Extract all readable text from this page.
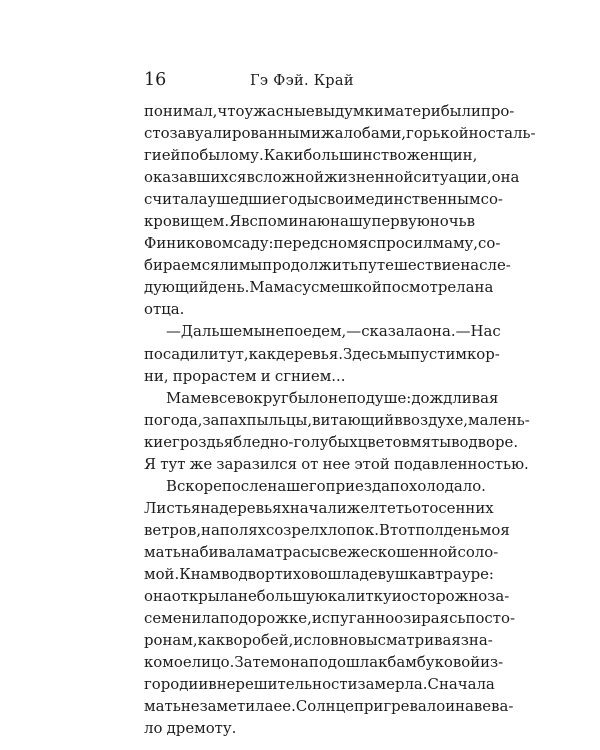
16	Гэ Фэй. Край
понимал, что ужасные выдумки матери были про-
сто завуалированными жалобами, горькой носталь-
гией по былому. Как и большинство женщин,
оказавшихся в сложной жизненной ситуации, она
считала ушедшие годы своим единственным со-
кровищем. Я вспоминаю нашу первую ночь в
Финиковом саду: перед сном я спросил маму, со-
бираемся ли мы продолжить путешествие на сле-
дующий день. Мама с усмешкой посмотрела на
отца.
— Дальше мы не поедем, — сказала она. — Нас
посадили тут, как деревья. Здесь мы пустим кор-
ни, прорастем и сгнием...
Маме все вокруг было не по душе: дождливая
погода, запах пыльцы, витающий в воздухе, малень-
кие гроздья бледно-голубых цветов мяты во дворе.
Я тут же заразился от нее этой подавленностью.
Вскоре после нашего приезда похолодало.
Листья на деревьях начали желтеть от осенних
ветров, на полях созрел хлопок. В тот полдень моя
мать набивала матрасы свежескошенной соло-
мой. К нам во двор тихо вошла девушка в трауре:
она открыла небольшую калитку и осторожно за-
семенила по дорожке, испуганно озираясь по сто-
ронам, как воробей, и словно высматривая зна-
комое лицо. Затем она подошла к бамбуковой из-
городи и в нерешительности замерла. Сначала
мать не заметила ее. Солнце пригревало и навева-
ло дремоту.
